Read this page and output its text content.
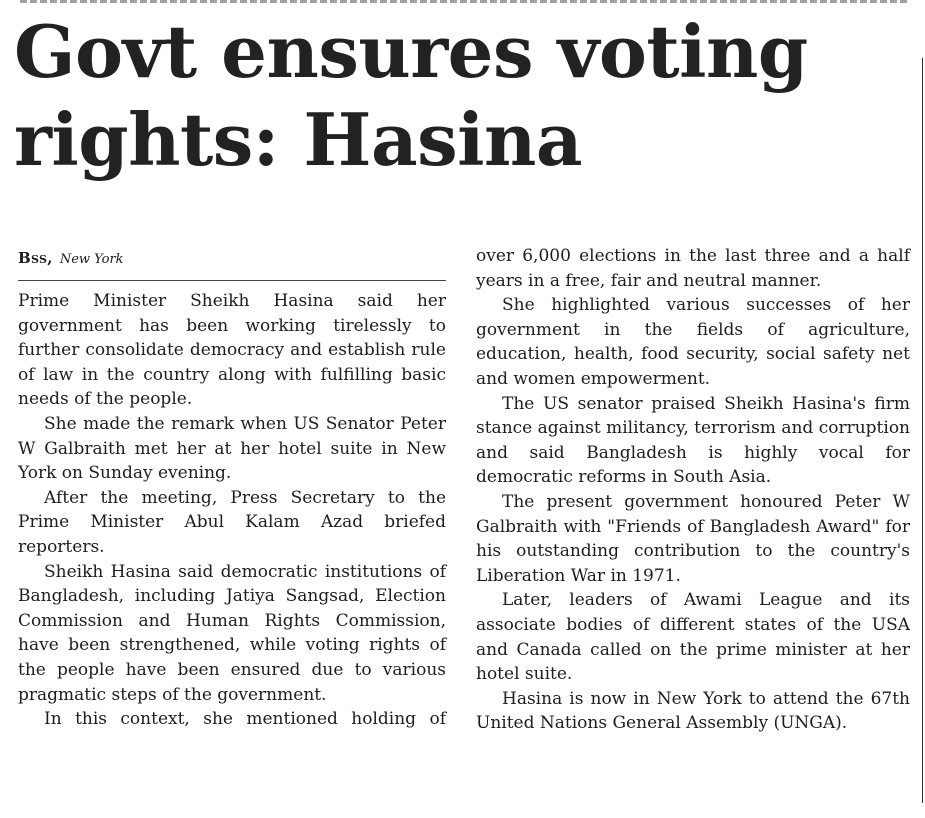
Govt ensures voting
rights: Hasina
Bss, New York

Prime Minister Sheikh Hasina said her government has been working tirelessly to further consolidate democracy and establish rule of law in the country along with fulfilling basic needs of the people.

She made the remark when US Senator Peter W Galbraith met her at her hotel suite in New York on Sunday evening.

After the meeting, Press Secretary to the Prime Minister Abul Kalam Azad briefed reporters.

Sheikh Hasina said democratic institutions of Bangladesh, including Jatiya Sangsad, Election Commission and Human Rights Commission, have been strengthened, while voting rights of the people have been ensured due to various pragmatic steps of the government.

In this context, she mentioned holding of

over 6,000 elections in the last three and a half years in a free, fair and neutral manner.

She highlighted various successes of her government in the fields of agriculture, education, health, food security, social safety net and women empowerment.

The US senator praised Sheikh Hasina's firm stance against militancy, terrorism and corruption and said Bangladesh is highly vocal for democratic reforms in South Asia.

The present government honoured Peter W Galbraith with "Friends of Bangladesh Award" for his outstanding contribution to the country's Liberation War in 1971.

Later, leaders of Awami League and its associate bodies of different states of the USA and Canada called on the prime minister at her hotel suite.

Hasina is now in New York to attend the 67th United Nations General Assembly (UNGA).
